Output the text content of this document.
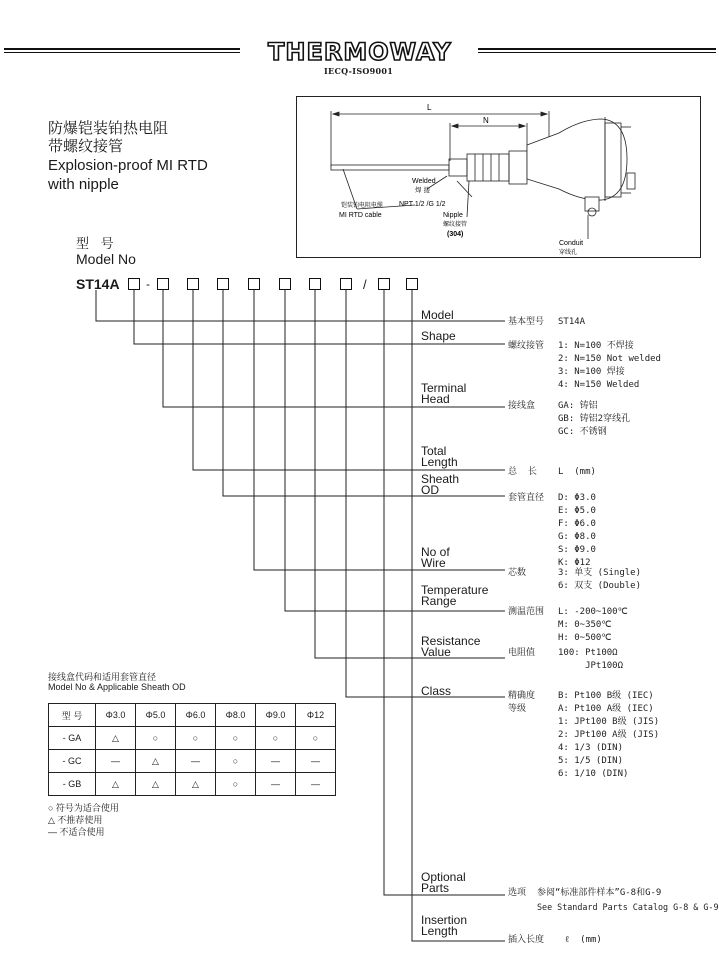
THERMOWAY
IECQ-ISO9001
防爆铠装铂热电阻
带螺纹接管
Explosion-proof MI RTD
with nipple
L
N
Welded
焊 接
铠装铂电阻电缆
MI RTD cable
NPT 1/2 /G 1/2
Nipple
螺纹接管
(304)
Conduit
穿线孔
型 号
Model No
ST14A -	/
Model
Shape
Terminal
Head
Total
Length
Sheath
OD
No of
Wire
Temperature
Range
Resistance
Value
Class
Optional
Parts
Insertion
Length
基本型号 ST14A
螺纹接管 1: N=100 不焊接
2: N=150 Not welded
3: N=100 焊接
4: N=150 Welded
接线盒	GA: 铸铝
GB: 铸铝2穿线孔
GC: 不锈钢
总  长 L  (mm)
套管直径 D: Φ3.0
E: Φ5.0
F: Φ6.0
G: Φ8.0
S: Φ9.0
K: Φ12
芯数	3: 单支 (Single)
6: 双支 (Double)
测温范围 L: -200~100℃
M: 0~350℃
H: 0~500℃
电阻值	100: Pt100Ω
JPt100Ω
精确度
等级
B: Pt100 B级 (IEC)
A: Pt100 A级 (IEC)
1: JPt100 B级 (JIS)
2: JPt100 A级 (JIS)
4: 1/3 (DIN)
5: 1/5 (DIN)
6: 1/10 (DIN)
选项 参阅“标准部件样本”G-8和G-9
See Standard Parts Catalog G-8 & G-9
插入长度 ℓ  (mm)
接线盒代码和适用套管直径
Model No & Applicable Sheath OD
型 号	Φ3.0	Φ5.0	Φ6.0	Φ8.0	Φ9.0	Φ12
- GA	△	○	○	○	○	○
- GC	—	△	—	○	—	—
- GB	△	△	△	○	—	—
○ 符号为适合使用
△ 不推荐使用
— 不适合使用
